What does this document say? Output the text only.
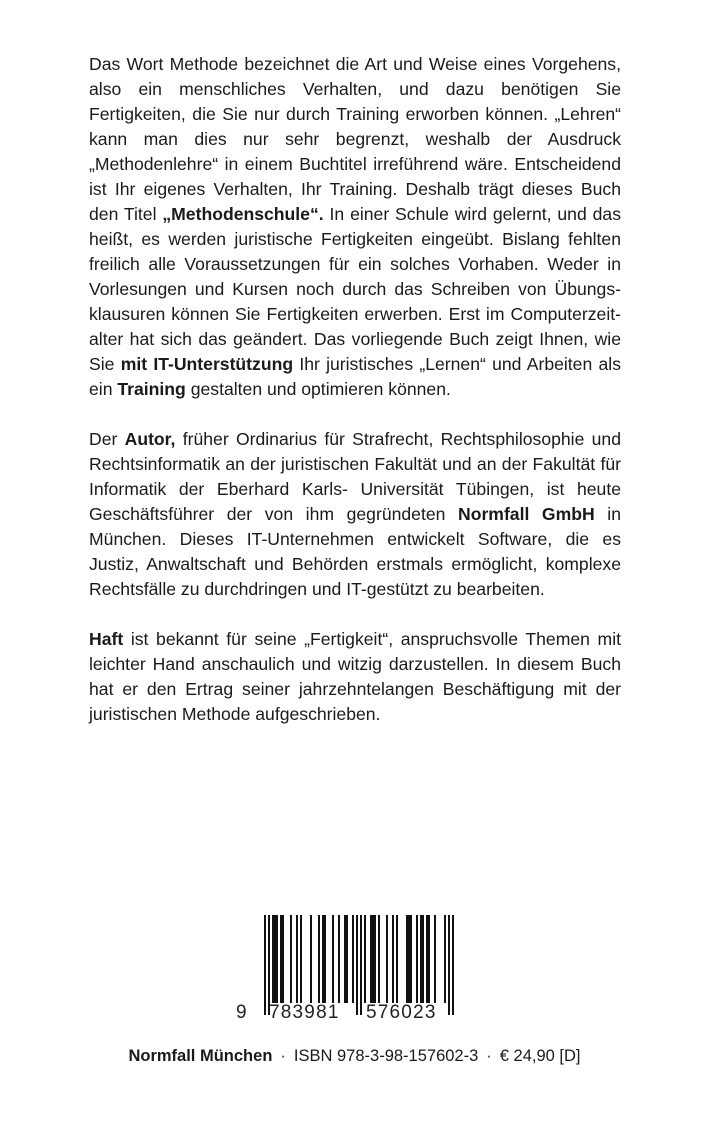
Das Wort Methode bezeichnet die Art und Weise eines Vorgehens, also ein menschliches Verhalten, und dazu benötigen Sie Fertigkeiten, die Sie nur durch Training erworben können. „Lehren“ kann man dies nur sehr begrenzt, weshalb der Ausdruck „Methodenlehre“ in einem Buchtitel irreführend wäre. Entscheidend ist Ihr eigenes Verhalten, Ihr Training. Deshalb trägt dieses Buch den Titel „Methodenschule“. In einer Schule wird gelernt, und das heißt, es werden juristische Fertigkeiten eingeübt. Bislang fehlten freilich alle Voraussetzungen für ein solches Vorhaben. Weder in Vorlesungen und Kursen noch durch das Schreiben von Übungsklausuren können Sie Fertigkeiten erwerben. Erst im Computerzeitalter hat sich das geändert. Das vorliegende Buch zeigt Ihnen, wie Sie mit IT-Unterstützung Ihr juristisches „Lernen“ und Arbeiten als ein Training gestalten und optimieren können.

Der Autor, früher Ordinarius für Strafrecht, Rechtsphilosophie und Rechtsinformatik an der juristischen Fakultät und an der Fakultät für Informatik der Eberhard Karls- Universität Tübingen, ist heute Geschäftsführer der von ihm gegründeten Normfall GmbH in München. Dieses IT-Unternehmen entwickelt Software, die es Justiz, Anwaltschaft und Behörden erstmals ermöglicht, komplexe Rechtsfälle zu durchdringen und IT-gestützt zu bearbeiten.

Haft ist bekannt für seine „Fertigkeit“, anspruchsvolle Themen mit leichter Hand anschaulich und witzig darzustellen. In diesem Buch hat er den Ertrag seiner jahrzehntelangen Beschäftigung mit der juristischen Methode aufgeschrieben.

9 783981 576023
Normfall München · ISBN 978-3-98-157602-3 · € 24,90 [D]
